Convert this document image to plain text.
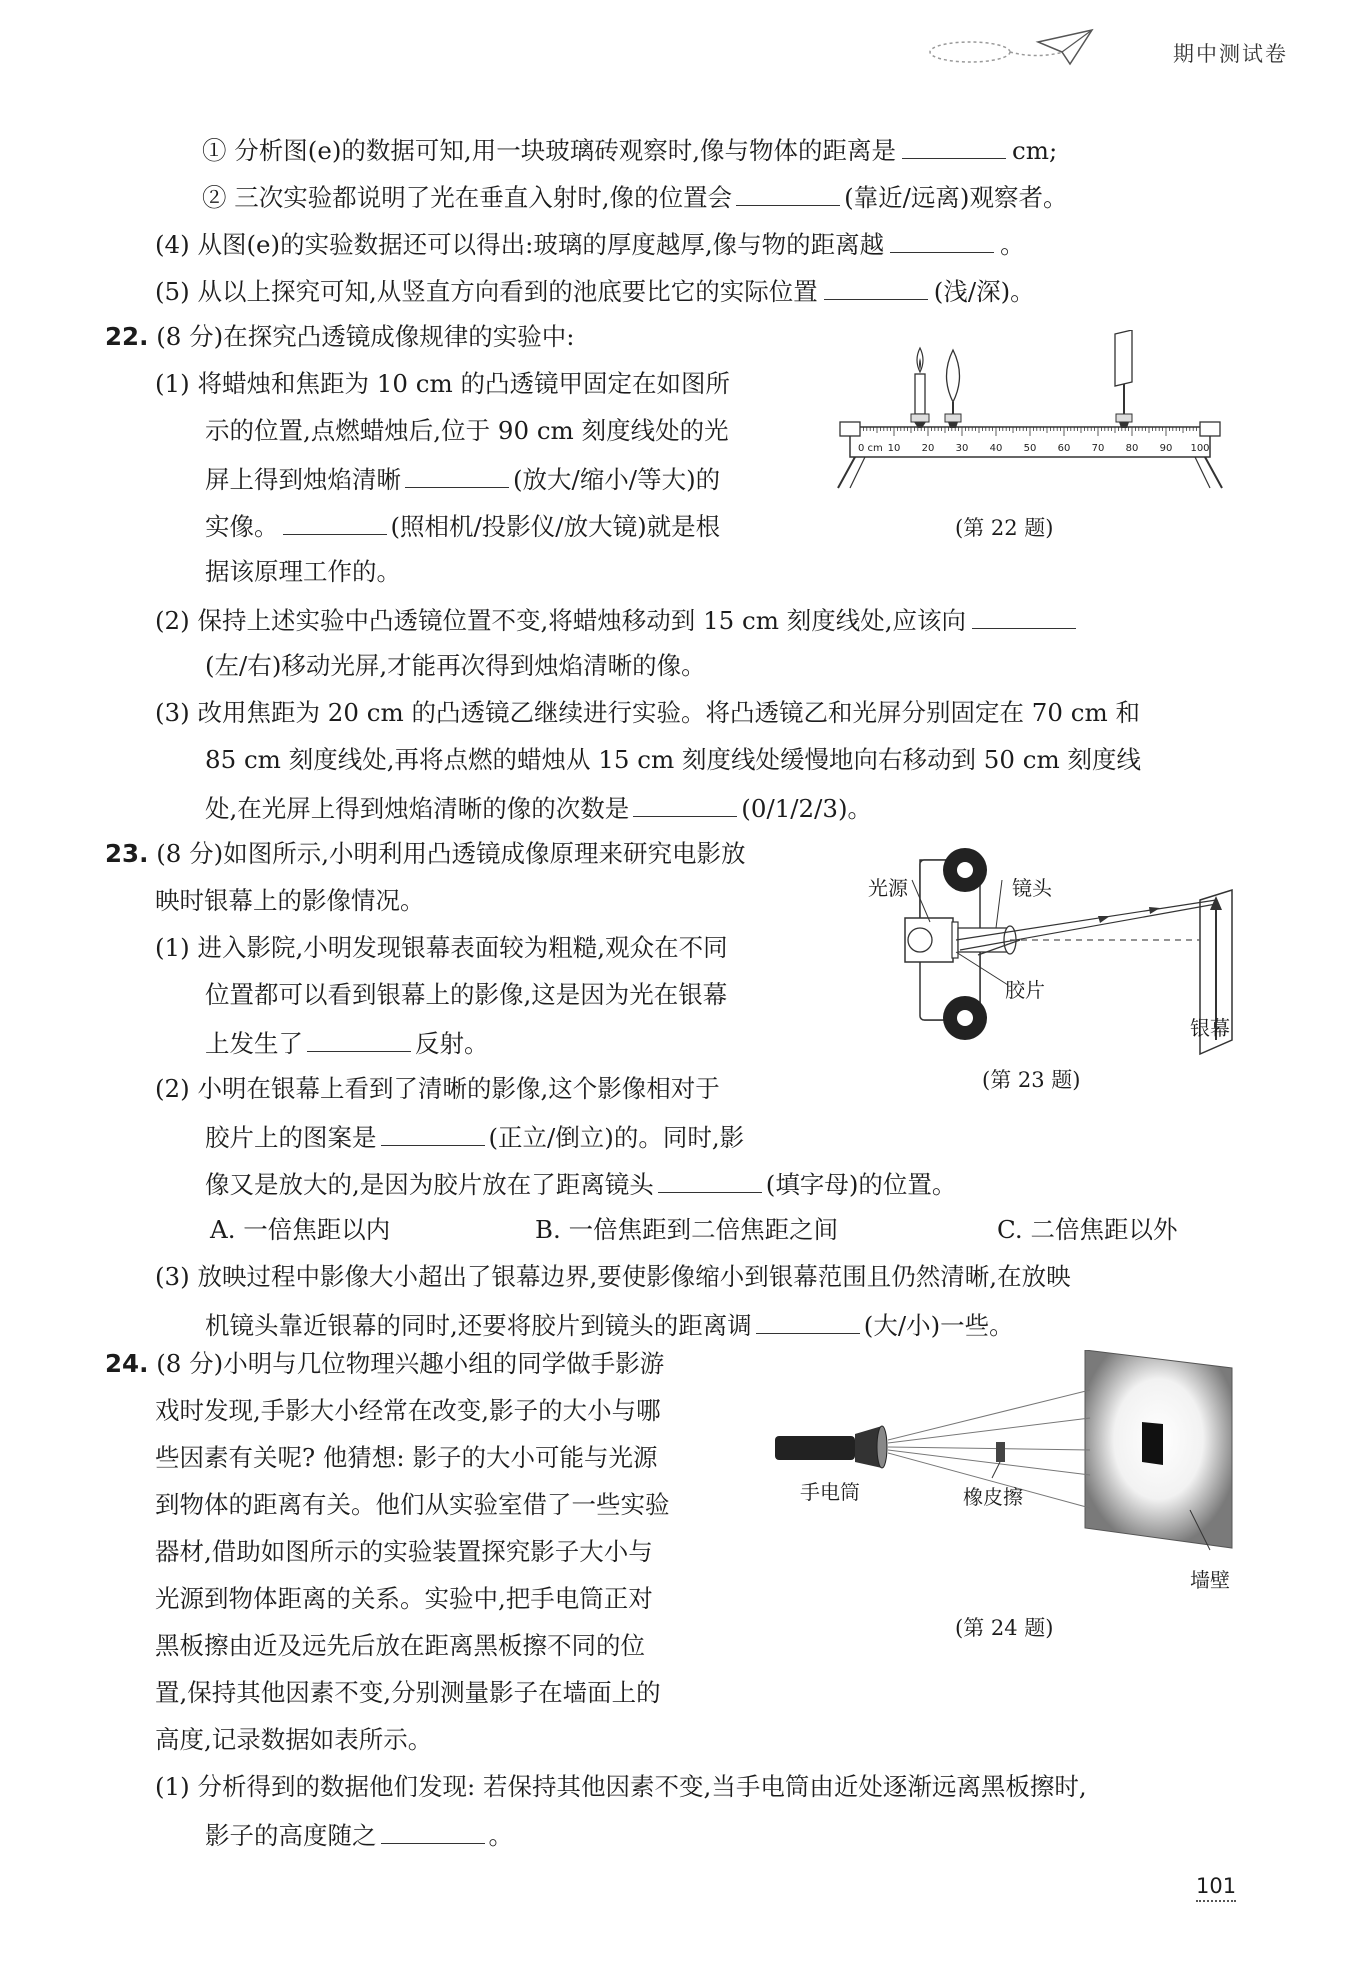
期中测试卷
① 分析图(e)的数据可知,用一块玻璃砖观察时,像与物体的距离是	cm;
② 三次实验都说明了光在垂直入射时,像的位置会	(靠近/远离)观察者。
(4) 从图(e)的实验数据还可以得出:玻璃的厚度越厚,像与物的距离越	。
(5) 从以上探究可知,从竖直方向看到的池底要比它的实际位置	(浅/深)。
22. (8 分)在探究凸透镜成像规律的实验中:
(1) 将蜡烛和焦距为 10 cm 的凸透镜甲固定在如图所
示的位置,点燃蜡烛后,位于 90 cm 刻度线处的光
屏上得到烛焰清晰	(放大/缩小/等大)的
实像。	(照相机/投影仪/放大镜)就是根
据该原理工作的。
(2) 保持上述实验中凸透镜位置不变,将蜡烛移动到 15 cm 刻度线处,应该向
(左/右)移动光屏,才能再次得到烛焰清晰的像。
(3) 改用焦距为 20 cm 的凸透镜乙继续进行实验。将凸透镜乙和光屏分别固定在 70 cm 和
85 cm 刻度线处,再将点燃的蜡烛从 15 cm 刻度线处缓慢地向右移动到 50 cm 刻度线
处,在光屏上得到烛焰清晰的像的次数是	(0/1/2/3)。
0 cm 10 20 30 40 50 60 70 80 90 100
(第 22 题)
23. (8 分)如图所示,小明利用凸透镜成像原理来研究电影放
映时银幕上的影像情况。
(1) 进入影院,小明发现银幕表面较为粗糙,观众在不同
位置都可以看到银幕上的影像,这是因为光在银幕
上发生了	反射。
(2) 小明在银幕上看到了清晰的影像,这个影像相对于
胶片上的图案是	(正立/倒立)的。同时,影
像又是放大的,是因为胶片放在了距离镜头	(填字母)的位置。
A. 一倍焦距以内	B. 一倍焦距到二倍焦距之间	C. 二倍焦距以外
(3) 放映过程中影像大小超出了银幕边界,要使影像缩小到银幕范围且仍然清晰,在放映
机镜头靠近银幕的同时,还要将胶片到镜头的距离调	(大/小)一些。
光源	镜头
胶片
银幕
(第 23 题)
24. (8 分)小明与几位物理兴趣小组的同学做手影游
戏时发现,手影大小经常在改变,影子的大小与哪
些因素有关呢? 他猜想: 影子的大小可能与光源
到物体的距离有关。他们从实验室借了一些实验
器材,借助如图所示的实验装置探究影子大小与
光源到物体距离的关系。实验中,把手电筒正对
黑板擦由近及远先后放在距离黑板擦不同的位
置,保持其他因素不变,分别测量影子在墙面上的
高度,记录数据如表所示。
(1) 分析得到的数据他们发现: 若保持其他因素不变,当手电筒由近处逐渐远离黑板擦时,
影子的高度随之	。
手电筒	橡皮擦
墙壁
(第 24 题)
101
